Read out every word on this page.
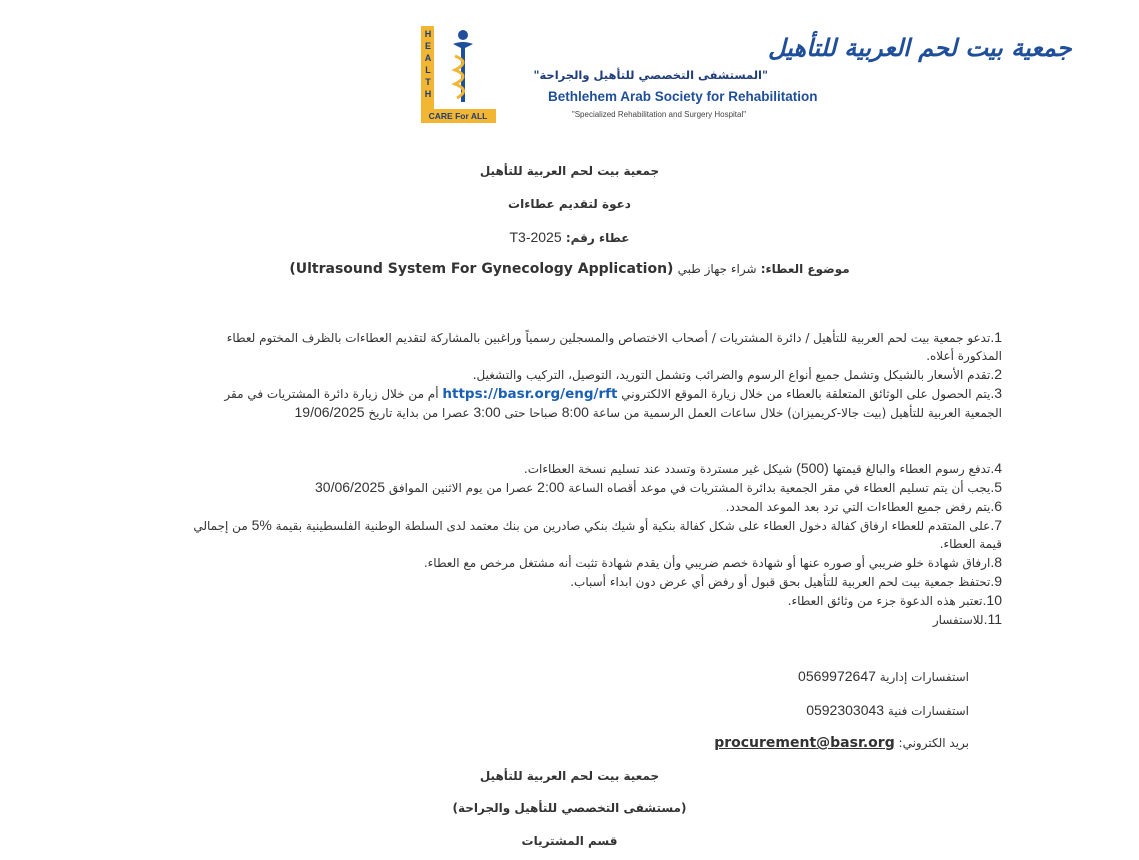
H
E
A
L
T
H
CARE For ALL
جمعية بيت لحم العربية للتأهيل
"المستشفى التخصصي للتأهيل والجراحة"
Bethlehem Arab Society for Rehabilitation
"Specialized Rehabilitation and Surgery Hospital"
جمعية بيت لحم العربية للتأهيل
دعوة لتقديم عطاءات
عطاء رقم: T3-2025
موضوع العطاء: شراء جهاز طبي (Ultrasound System For Gynecology Application)

1.تدعو جمعية بيت لحم العربية للتأهيل / دائرة المشتريات / أصحاب الاختصاص والمسجلين رسمياً وراغبين بالمشاركة لتقديم العطاءات بالظرف المختوم لعطاء المذكورة أعلاه.

2.تقدم الأسعار بالشيكل وتشمل جميع أنواع الرسوم والضرائب وتشمل التوريد، التوصيل، التركيب والتشغيل.

3.يتم الحصول على الوثائق المتعلقة بالعطاء من خلال زيارة الموقع الالكتروني https://basr.org/eng/rft أم من خلال زيارة دائرة المشتريات في مقر الجمعية العربية للتأهيل (بيت جالا-كريميزان) خلال ساعات العمل الرسمية من ساعة 8:00 صباحا حتى 3:00 عصرا من بداية تاريخ 19/06/2025

4.تدفع رسوم العطاء والبالغ قيمتها (500) شيكل غير مستردة وتسدد عند تسليم نسخة العطاءات.

5.يجب أن يتم تسليم العطاء في مقر الجمعية بدائرة المشتريات في موعد أقصاه الساعة 2:00 عصرا من يوم الاثنين الموافق 30/06/2025

6.يتم رفض جميع العطاءات التي ترد بعد الموعد المحدد.

7.على المتقدم للعطاء ارفاق كفالة دخول العطاء على شكل كفالة بنكية أو شيك بنكي صادرين من بنك معتمد لدى السلطة الوطنية الفلسطينية بقيمة 5% من إجمالي قيمة العطاء.

8.ارفاق شهادة خلو ضريبي أو صوره عنها أو شهادة خصم ضريبي وأن يقدم شهادة تثبت أنه مشتغل مرخص مع العطاء.

9.تحتفظ جمعية بيت لحم العربية للتأهيل بحق قبول أو رفض أي عرض دون ابداء أسباب.

10.تعتبر هذه الدعوة جزء من وثائق العطاء.

11.للاستفسار

استفسارات إدارية 0569972647
استفسارات فنية 0592303043
بريد الكتروني: procurement@basr.org
جمعية بيت لحم العربية للتأهيل
(مستشفى التخصصي للتأهيل والجراحة)
قسم المشتريات
